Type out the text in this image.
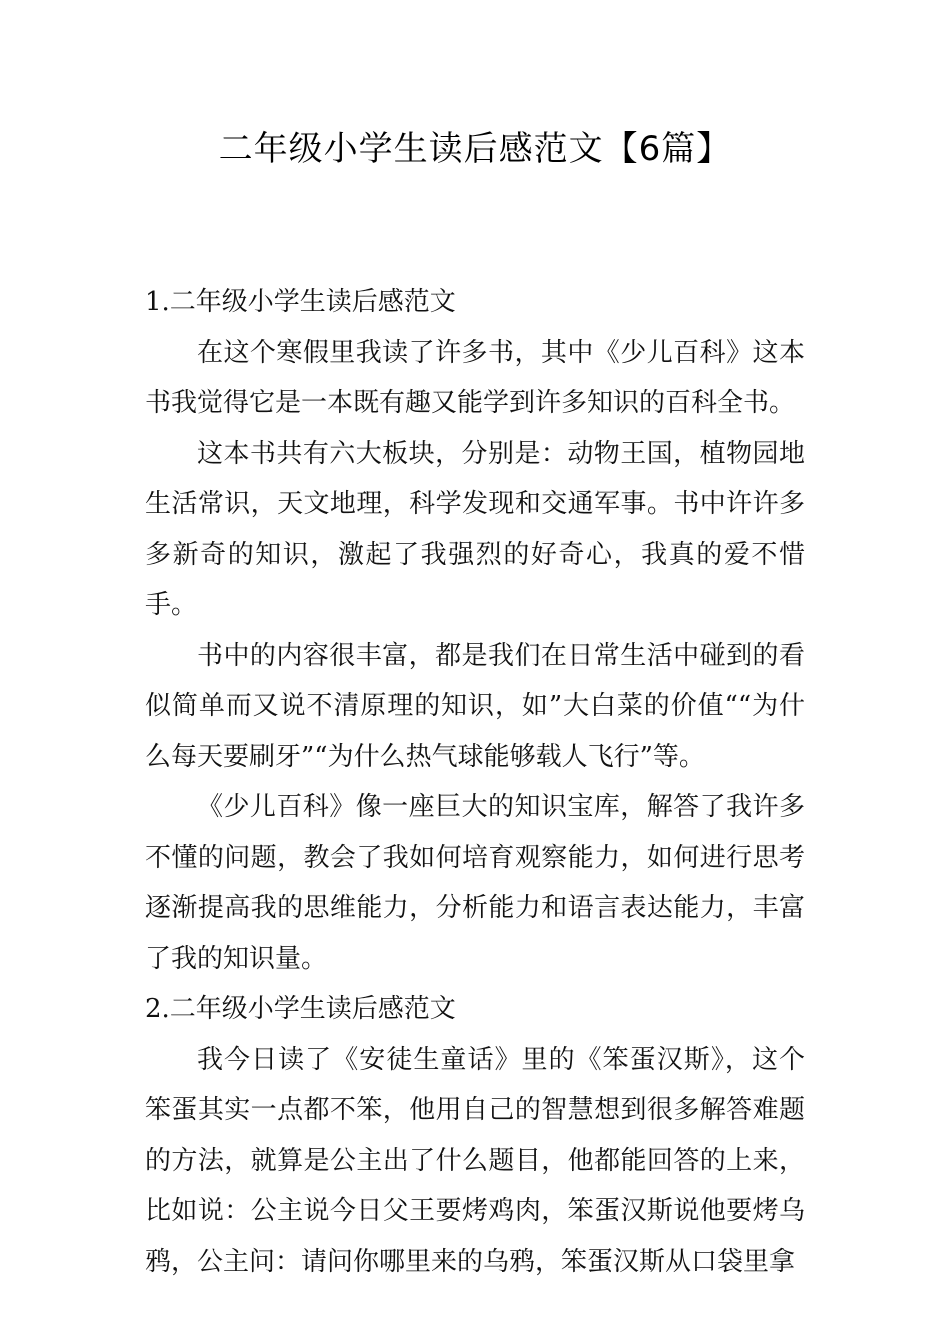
二年级小学生读后感范文【6篇】

1.二年级小学生读后感范文

在这个寒假里我读了许多书，其中《少儿百科》这本书我觉得它是一本既有趣又能学到许多知识的百科全书。

这本书共有六大板块，分别是：动物王国，植物园地生活常识，天文地理，科学发现和交通军事。书中许许多多新奇的知识，激起了我强烈的好奇心，我真的爱不惜手。

书中的内容很丰富，都是我们在日常生活中碰到的看似简单而又说不清原理的知识，如”大白菜的价值““为什么每天要刷牙”“为什么热气球能够载人飞行”等。

《少儿百科》像一座巨大的知识宝库，解答了我许多不懂的问题，教会了我如何培育观察能力，如何进行思考逐渐提高我的思维能力，分析能力和语言表达能力，丰富了我的知识量。

2.二年级小学生读后感范文

我今日读了《安徒生童话》里的《笨蛋汉斯》，这个笨蛋其实一点都不笨，他用自己的智慧想到很多解答难题的方法，就算是公主出了什么题目，他都能回答的上来，比如说：公主说今日父王要烤鸡肉，笨蛋汉斯说他要烤乌鸦，公主问：请问你哪里来的乌鸦，笨蛋汉斯从口袋里拿
